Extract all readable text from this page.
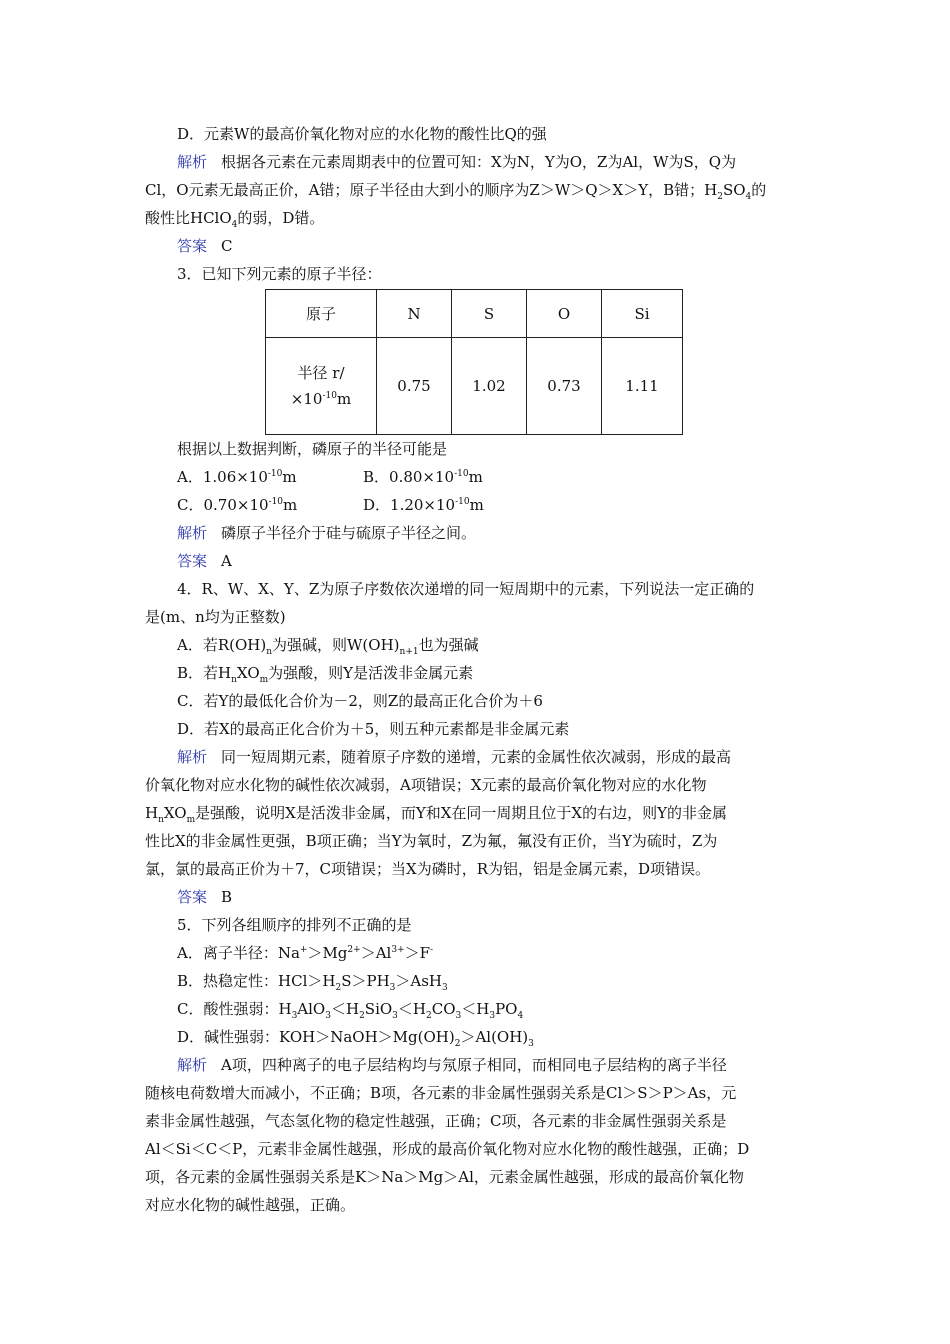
D．元素W的最高价氧化物对应的水化物的酸性比Q的强
解析 根据各元素在元素周期表中的位置可知：X为N，Y为O，Z为Al，W为S，Q为
Cl，O元素无最高正价，A错；原子半径由大到小的顺序为Z＞W＞Q＞X＞Y，B错；$H_2SO_4$的
酸性比HClO$_4$的弱，D错。
答案 C
3．已知下列元素的原子半径：
原子	N	S	O	Si

半径 r/
$\times 10^{-10}m$	0.75	1.02	0.73	1.11
根据以上数据判断，磷原子的半径可能是
A．$1.06\times 10^{-10}m$	B．$0.80\times 10^{-10}m$
C．$0.70\times 10^{-10}m$	D．$1.20\times 10^{-10}m$
解析 磷原子半径介于硅与硫原子半径之间。
答案 A
4．R、W、X、Y、Z为原子序数依次递增的同一短周期中的元素，下列说法一定正确的
是(m、n均为正整数)
A．若$R(OH)_n$为强碱，则$W(OH)_{n+1}$也为强碱
B．若$H_nXO_m$为强酸，则Y是活泼非金属元素
C．若Y的最低化合价为－2，则Z的最高正化合价为＋6
D．若X的最高正化合价为＋5，则五种元素都是非金属元素
解析 同一短周期元素，随着原子序数的递增，元素的金属性依次减弱，形成的最高
价氧化物对应水化物的碱性依次减弱，A项错误；X元素的最高价氧化物对应的水化物
$H_nXO_m$是强酸，说明X是活泼非金属，而Y和X在同一周期且位于X的右边，则Y的非金属
性比X的非金属性更强，B项正确；当Y为氧时，Z为氟，氟没有正价，当Y为硫时，Z为
氯，氯的最高正价为＋7，C项错误；当X为磷时，R为铝，铝是金属元素，D项错误。
答案 B
5．下列各组顺序的排列不正确的是
A．离子半径：$Na^+>Mg^{2+}>Al^{3+}>F^-$
B．热稳定性：$HCl>H_2S>PH_3>AsH_3$
C．酸性强弱：$H_3AlO_3<H_2SiO_3<H_2CO_3<H_3PO_4$
D．碱性强弱：$KOH>NaOH>Mg(OH)_2>Al(OH)_3$
解析 A项，四种离子的电子层结构均与氖原子相同，而相同电子层结构的离子半径
随核电荷数增大而减小，不正确；B项，各元素的非金属性强弱关系是Cl＞S＞P＞As，元
素非金属性越强，气态氢化物的稳定性越强，正确；C项，各元素的非金属性强弱关系是
Al＜Si＜C＜P，元素非金属性越强，形成的最高价氧化物对应水化物的酸性越强，正确；D
项，各元素的金属性强弱关系是K＞Na＞Mg＞Al，元素金属性越强，形成的最高价氧化物
对应水化物的碱性越强，正确。
